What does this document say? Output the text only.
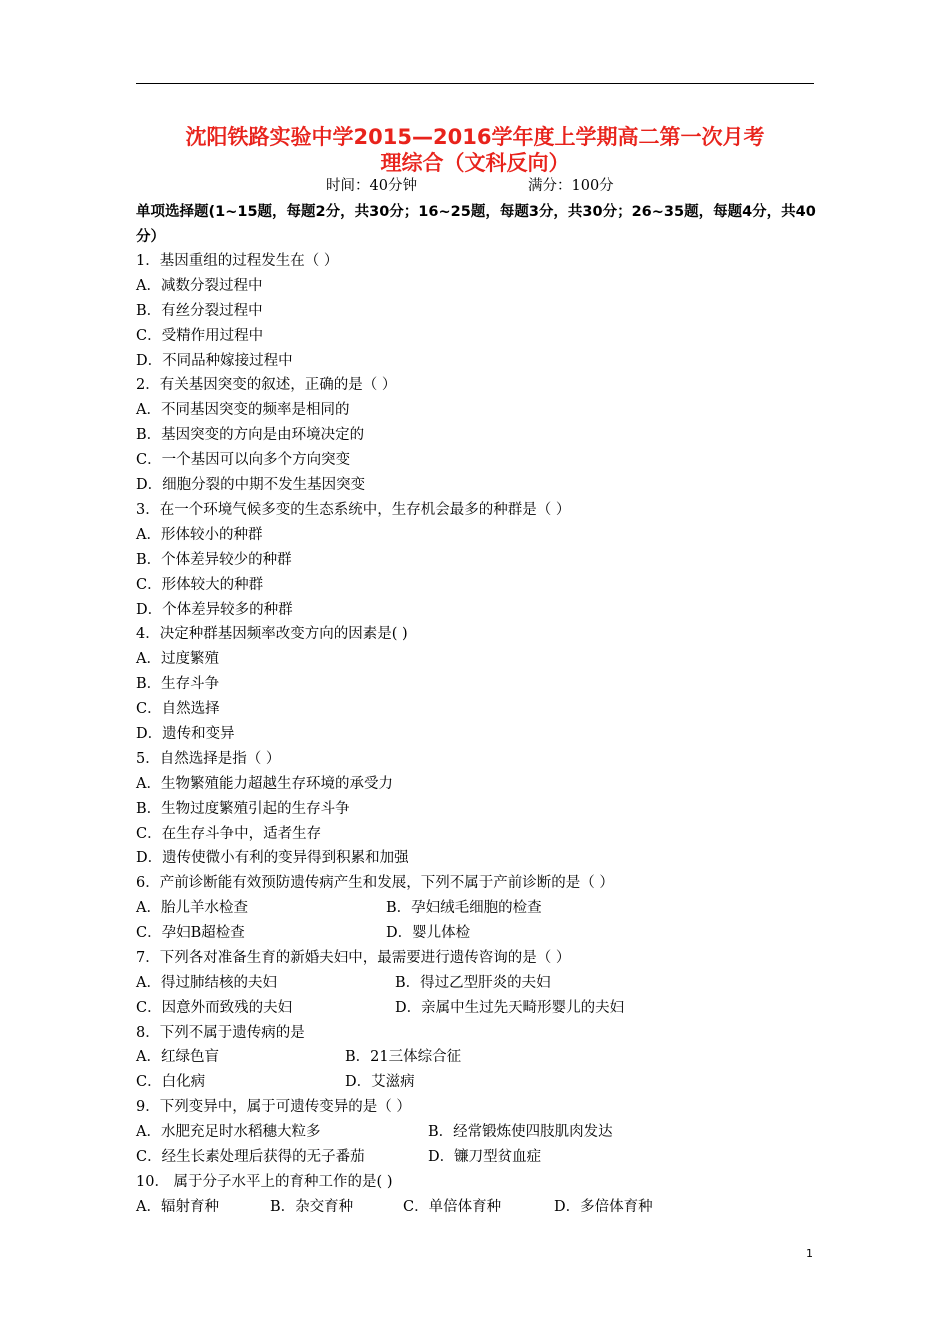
沈阳铁路实验中学2015—2016学年度上学期高二第一次月考
理综合（文科反向）
时间：40分钟	满分：100分
单项选择题(1~15题，每题2分，共30分；16~25题，每题3分，共30分；26~35题，每题4分，共40分）
1．基因重组的过程发生在（ ）
A．减数分裂过程中
B．有丝分裂过程中
C．受精作用过程中
D．不同品种嫁接过程中
2．有关基因突变的叙述，正确的是（ ）
A．不同基因突变的频率是相同的
B．基因突变的方向是由环境决定的
C．一个基因可以向多个方向突变
D．细胞分裂的中期不发生基因突变
3．在一个环境气候多变的生态系统中，生存机会最多的种群是（ ）
A．形体较小的种群
B．个体差异较少的种群
C．形体较大的种群
D．个体差异较多的种群
4．决定种群基因频率改变方向的因素是( )
A．过度繁殖
B．生存斗争
C．自然选择
D．遗传和变异
5．自然选择是指（ ）
A．生物繁殖能力超越生存环境的承受力
B．生物过度繁殖引起的生存斗争
C．在生存斗争中，适者生存
D．遗传使微小有利的变异得到积累和加强
6．产前诊断能有效预防遗传病产生和发展，下列不属于产前诊断的是（ ）
A．胎儿羊水检查	B．孕妇绒毛细胞的检查
C．孕妇B超检查	D．婴儿体检
7．下列各对准备生育的新婚夫妇中，最需要进行遗传咨询的是（ ）
A．得过肺结核的夫妇	B．得过乙型肝炎的夫妇
C．因意外而致残的夫妇	D．亲属中生过先天畸形婴儿的夫妇
8．下列不属于遗传病的是
A．红绿色盲	B．21三体综合征
C．白化病	D．艾滋病
9．下列变异中，属于可遗传变异的是（ ）
A．水肥充足时水稻穗大粒多	B．经常锻炼使四肢肌肉发达
C．经生长素处理后获得的无子番茄	D．镰刀型贫血症
10． 属于分子水平上的育种工作的是( )
A．辐射育种	B．杂交育种	C．单倍体育种	D．多倍体育种
1
